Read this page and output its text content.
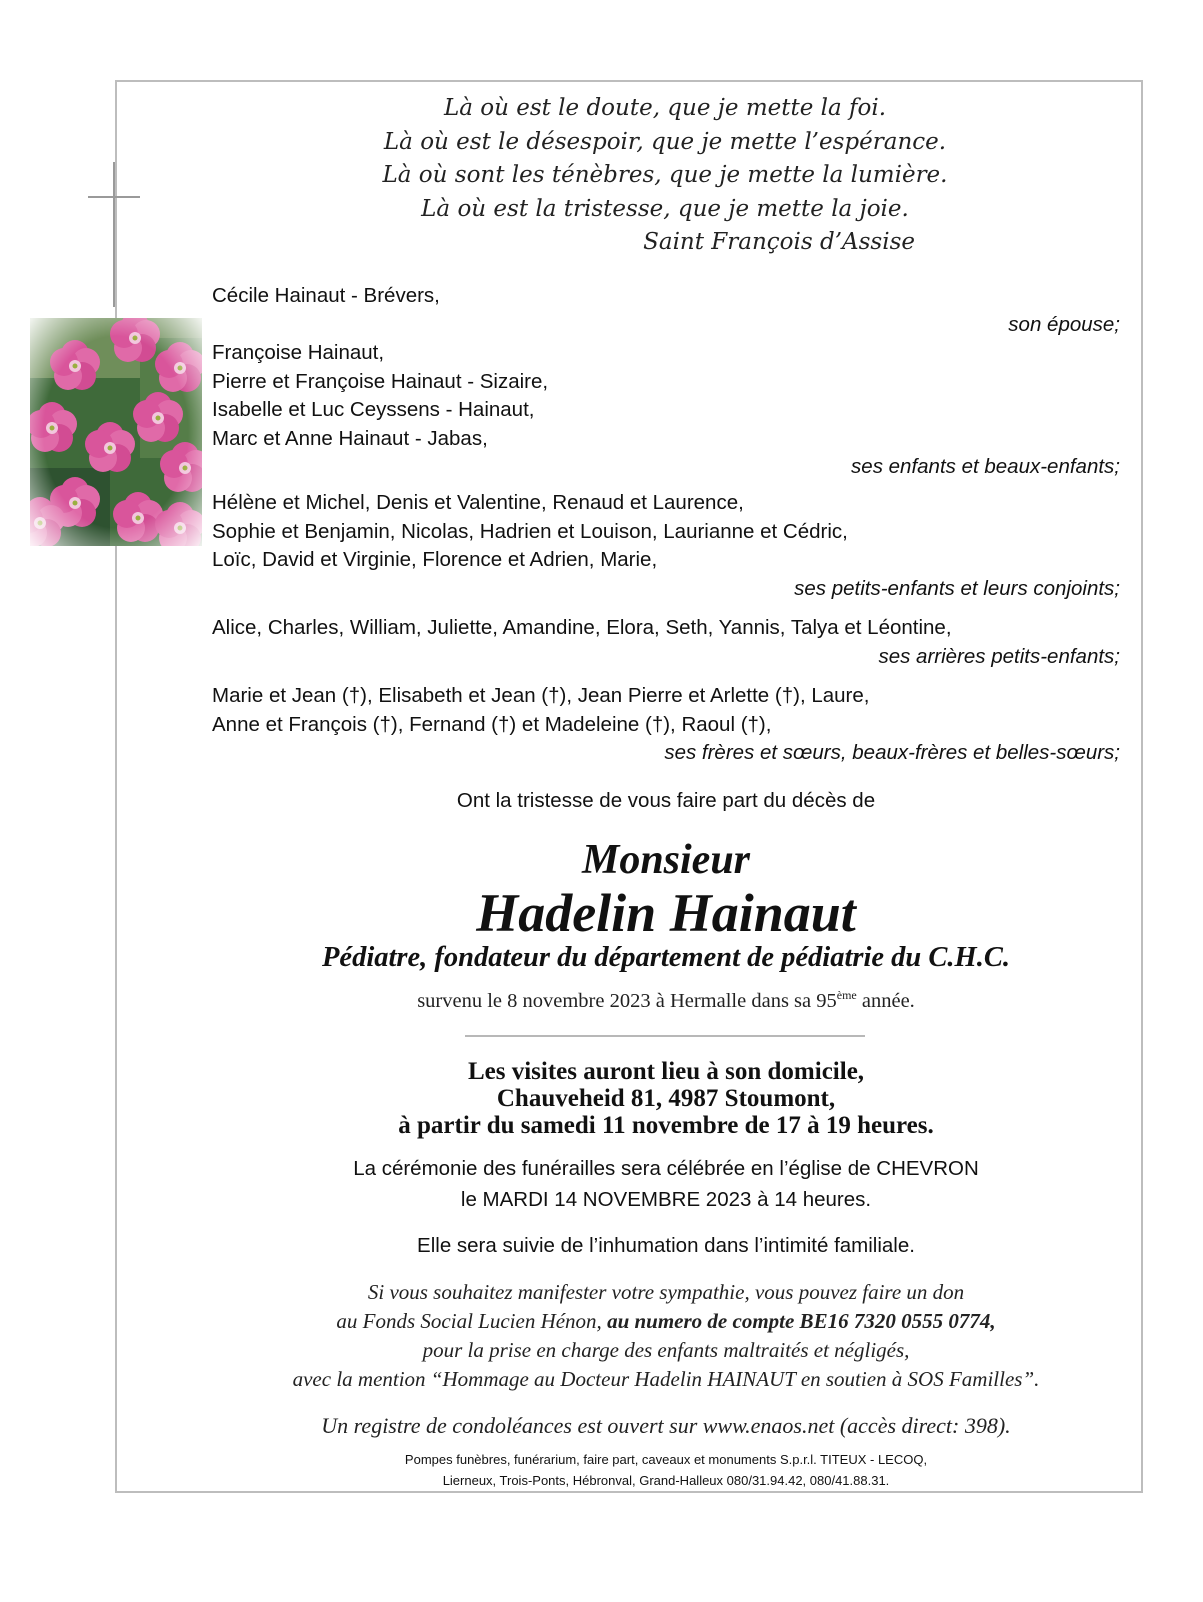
Là où est le doute, que je mette la foi.
Là où est le désespoir, que je mette l’espérance.
Là où sont les ténèbres, que je mette la lumière.
Là où est la tristesse, que je mette la joie.
Saint François d’Assise
Cécile Hainaut - Brévers,
son épouse;
Françoise Hainaut,
Pierre et Françoise Hainaut - Sizaire,
Isabelle et Luc Ceyssens - Hainaut,
Marc et Anne Hainaut - Jabas,
ses enfants et beaux-enfants;
Hélène et Michel, Denis et Valentine, Renaud et Laurence,
Sophie et Benjamin, Nicolas, Hadrien et Louison, Laurianne et Cédric,
Loïc, David et Virginie, Florence et Adrien, Marie,
ses petits-enfants et leurs conjoints;
Alice, Charles, William, Juliette, Amandine, Elora, Seth, Yannis, Talya et Léontine,
ses arrières petits-enfants;
Marie et Jean (†), Elisabeth et Jean (†), Jean Pierre et Arlette (†), Laure,
Anne et François (†), Fernand (†) et Madeleine (†), Raoul (†),
ses frères et sœurs, beaux-frères et belles-sœurs;
Ont la tristesse de vous faire part du décès de
Monsieur
Hadelin Hainaut
Pédiatre, fondateur du département de pédiatrie du C.H.C.
survenu le 8 novembre 2023 à Hermalle dans sa 95ème année.
Les visites auront lieu à son domicile,
Chauveheid 81, 4987 Stoumont,
à partir du samedi 11 novembre de 17 à 19 heures.
La cérémonie des funérailles sera célébrée en l’église de CHEVRON
le MARDI 14 NOVEMBRE 2023 à 14 heures.
Elle sera suivie de l’inhumation dans l’intimité familiale.
Si vous souhaitez manifester votre sympathie, vous pouvez faire un don
au Fonds Social Lucien Hénon, au numero de compte BE16 7320 0555 0774,
pour la prise en charge des enfants maltraités et négligés,
avec la mention “Hommage au Docteur Hadelin HAINAUT en soutien à SOS Familles”.
Un registre de condoléances est ouvert sur www.enaos.net (accès direct: 398).
Pompes funèbres, funérarium, faire part, caveaux et monuments S.p.r.l. TITEUX - LECOQ,
Lierneux, Trois-Ponts, Hébronval, Grand-Halleux 080/31.94.42, 080/41.88.31.
